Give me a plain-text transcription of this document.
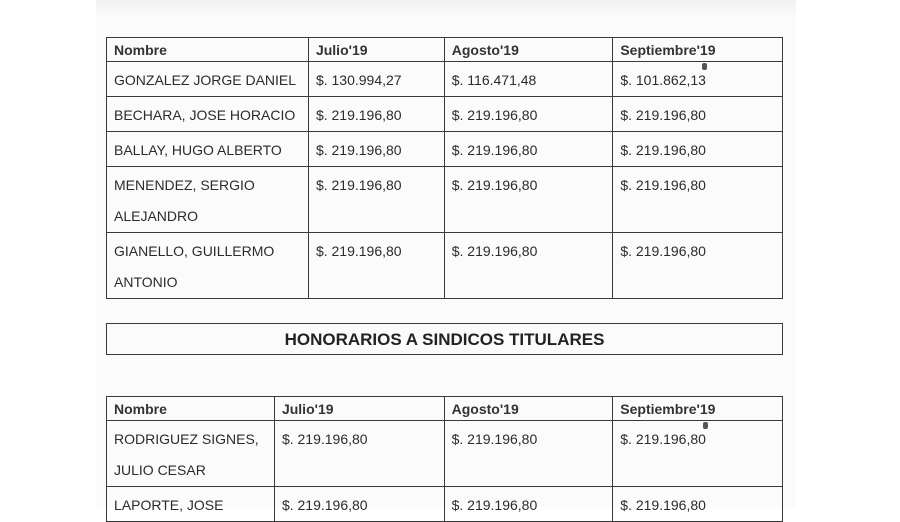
Nombre	Julio'19	Agosto'19	Septiembre'19
GONZALEZ JORGE DANIEL	$. 130.994,27	$. 116.471,48	$. 101.862,13
BECHARA, JOSE HORACIO	$. 219.196,80	$. 219.196,80	$. 219.196,80
BALLAY, HUGO ALBERTO	$. 219.196,80	$. 219.196,80	$. 219.196,80

MENENDEZ, SERGIO
ALEJANDRO	$. 219.196,80	$. 219.196,80	$. 219.196,80

GIANELLO, GUILLERMO
ANTONIO	$. 219.196,80	$. 219.196,80	$. 219.196,80
HONORARIOS A SINDICOS TITULARES
Nombre	Julio'19	Agosto'19	Septiembre'19

RODRIGUEZ SIGNES,
JULIO CESAR	$. 219.196,80	$. 219.196,80	$. 219.196,80
LAPORTE, JOSE	$. 219.196,80	$. 219.196,80	$. 219.196,80
